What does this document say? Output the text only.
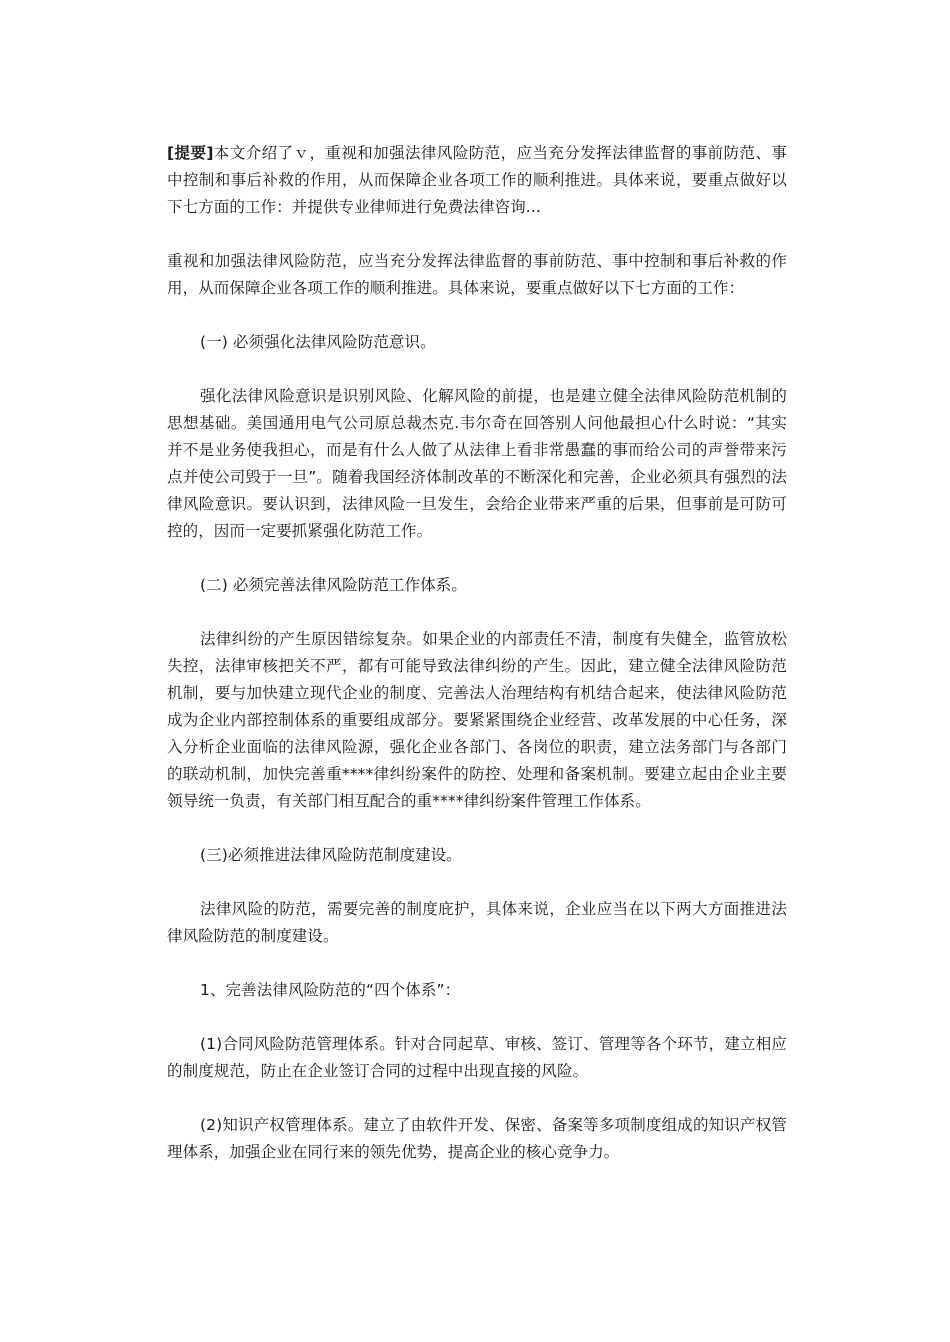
[提要]本文介绍了ｖ，重视和加强法律风险防范，应当充分发挥法律监督的事前防范、事中控制和事后补救的作用，从而保障企业各项工作的顺利推进。具体来说，要重点做好以下七方面的工作：并提供专业律师进行免费法律咨询...

重视和加强法律风险防范，应当充分发挥法律监督的事前防范、事中控制和事后补救的作用，从而保障企业各项工作的顺利推进。具体来说，要重点做好以下七方面的工作：

(一) 必须强化法律风险防范意识。

强化法律风险意识是识别风险、化解风险的前提，也是建立健全法律风险防范机制的思想基础。美国通用电气公司原总裁杰克.韦尔奇在回答别人问他最担心什么时说：“其实并不是业务使我担心，而是有什么人做了从法律上看非常愚蠢的事而给公司的声誉带来污点并使公司毁于一旦”。随着我国经济体制改革的不断深化和完善，企业必须具有强烈的法律风险意识。要认识到，法律风险一旦发生，会给企业带来严重的后果，但事前是可防可控的，因而一定要抓紧强化防范工作。

(二) 必须完善法律风险防范工作体系。

法律纠纷的产生原因错综复杂。如果企业的内部责任不清，制度有失健全，监管放松失控，法律审核把关不严，都有可能导致法律纠纷的产生。因此，建立健全法律风险防范机制，要与加快建立现代企业的制度、完善法人治理结构有机结合起来，使法律风险防范成为企业内部控制体系的重要组成部分。要紧紧围绕企业经营、改革发展的中心任务，深入分析企业面临的法律风险源，强化企业各部门、各岗位的职责，建立法务部门与各部门的联动机制，加快完善重****律纠纷案件的防控、处理和备案机制。要建立起由企业主要领导统一负责，有关部门相互配合的重****律纠纷案件管理工作体系。

(三)必须推进法律风险防范制度建设。

法律风险的防范，需要完善的制度庇护，具体来说，企业应当在以下两大方面推进法律风险防范的制度建设。

1、完善法律风险防范的“四个体系”：

(1)合同风险防范管理体系。针对合同起草、审核、签订、管理等各个环节，建立相应的制度规范，防止在企业签订合同的过程中出现直接的风险。

(2)知识产权管理体系。建立了由软件开发、保密、备案等多项制度组成的知识产权管理体系，加强企业在同行来的领先优势，提高企业的核心竞争力。
